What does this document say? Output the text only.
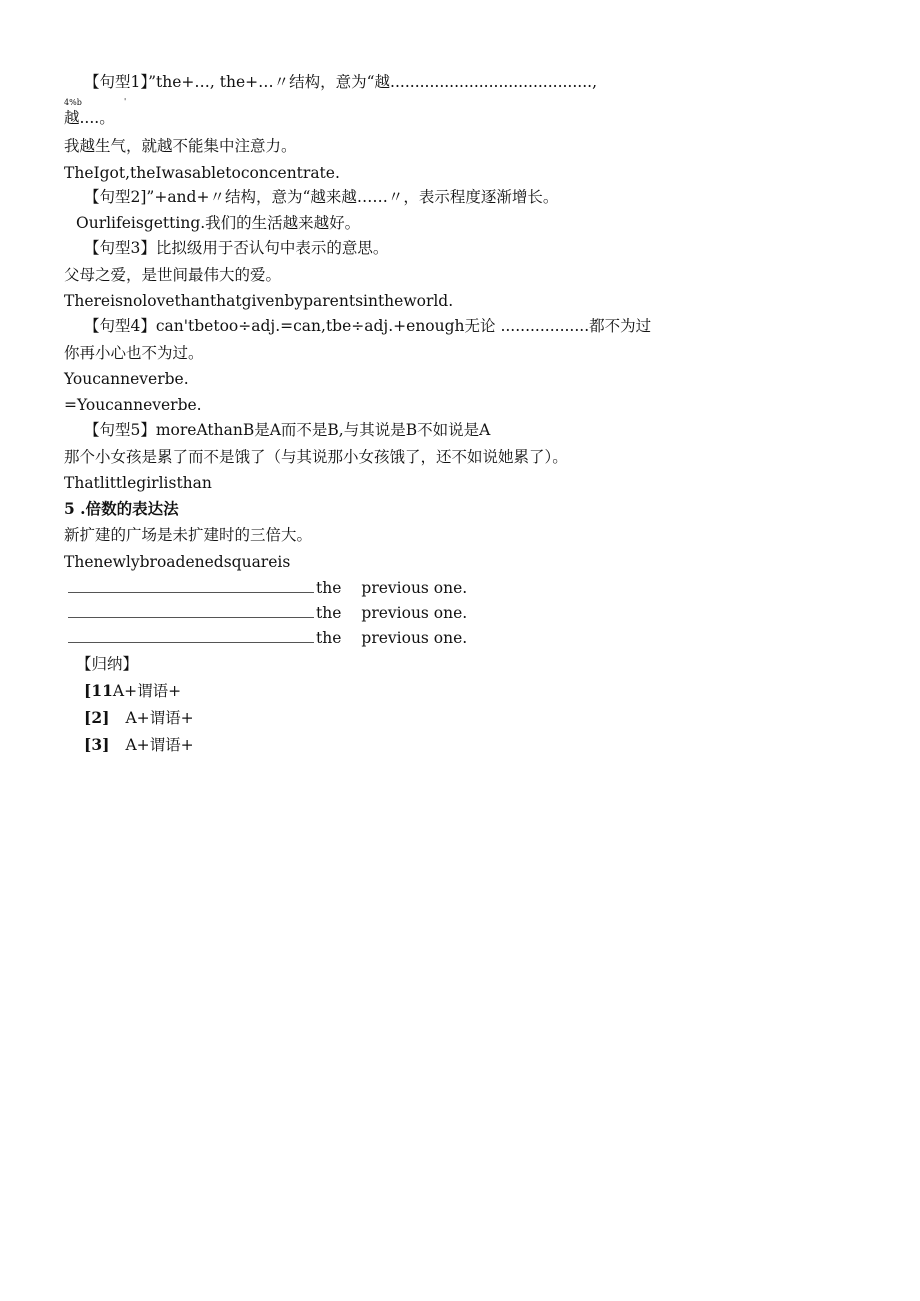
【句型1】”the+…, the+…〃结构，意为“越.........................................,
4%b	'
越....。
我越生气，就越不能集中注意力。
TheIgot,theIwasabletoconcentrate.
【句型2]”+and+〃结构，意为“越来越……〃，表示程度逐渐增长。
Ourlifeisgetting.我们的生活越来越好。
【句型3】比拟级用于否认句中表示的意思。
父母之爱，是世间最伟大的爱。
Thereisnolovethanthatgivenbyparentsintheworld.
【句型4】can'tbetoo÷adj.=can,tbe÷adj.+enough无论 ..................都不为过
你再小心也不为过。
Youcanneverbe.
=Youcanneverbe.
【句型5】moreAthanB是A而不是B,与其说是B不如说是A
那个小女孩是累了而不是饿了（与其说那小女孩饿了，还不如说她累了）。
Thatlittlegirlisthan
5 .倍数的表达法
新扩建的广场是未扩建时的三倍大。
Thenewlybroadenedsquareis
the previous one.
the previous one.
the previous one.
【归纳】
[11A+谓语+
[2] A+谓语+
[3] A+谓语+
